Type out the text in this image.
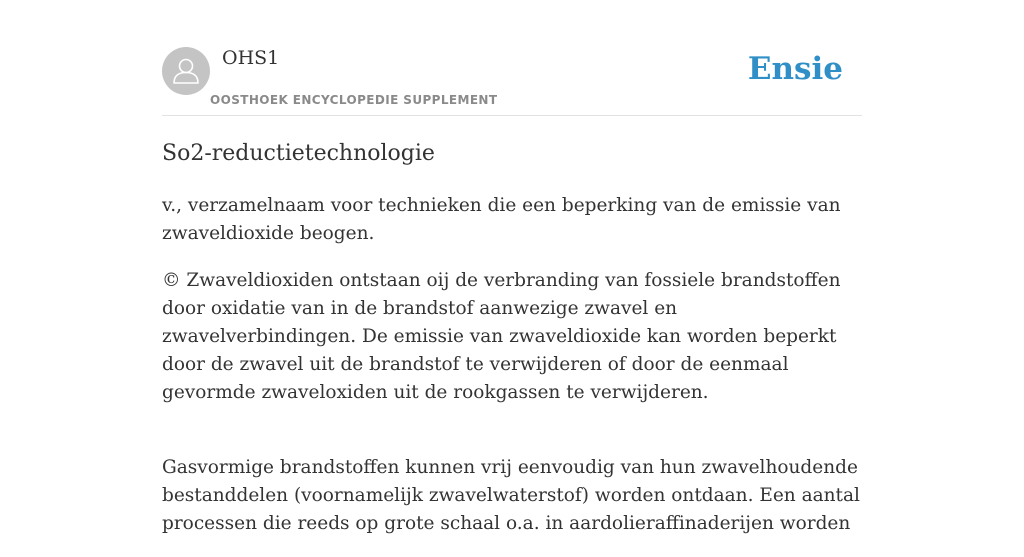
OHS1
OOSTHOEK ENCYCLOPEDIE SUPPLEMENT
Ensie
So2-reductietechnologie

v., verzamelnaam voor technieken die een beperking van de emissie van zwaveldioxide beogen.

© Zwaveldioxiden ontstaan oij de verbranding van fossiele brandstoffen door oxidatie van in de brandstof aanwezige zwavel en zwavelverbindingen. De emissie van zwaveldioxide kan worden beperkt door de zwavel uit de brandstof te verwijderen of door de eenmaal gevormde zwaveloxiden uit de rookgassen te verwijderen.

Gasvormige brandstoffen kunnen vrij eenvoudig van hun zwavelhoudende bestanddelen (voornamelijk zwavelwaterstof) worden ontdaan. Een aantal processen die reeds op grote schaal o.a. in aardolieraffinaderijen worden
